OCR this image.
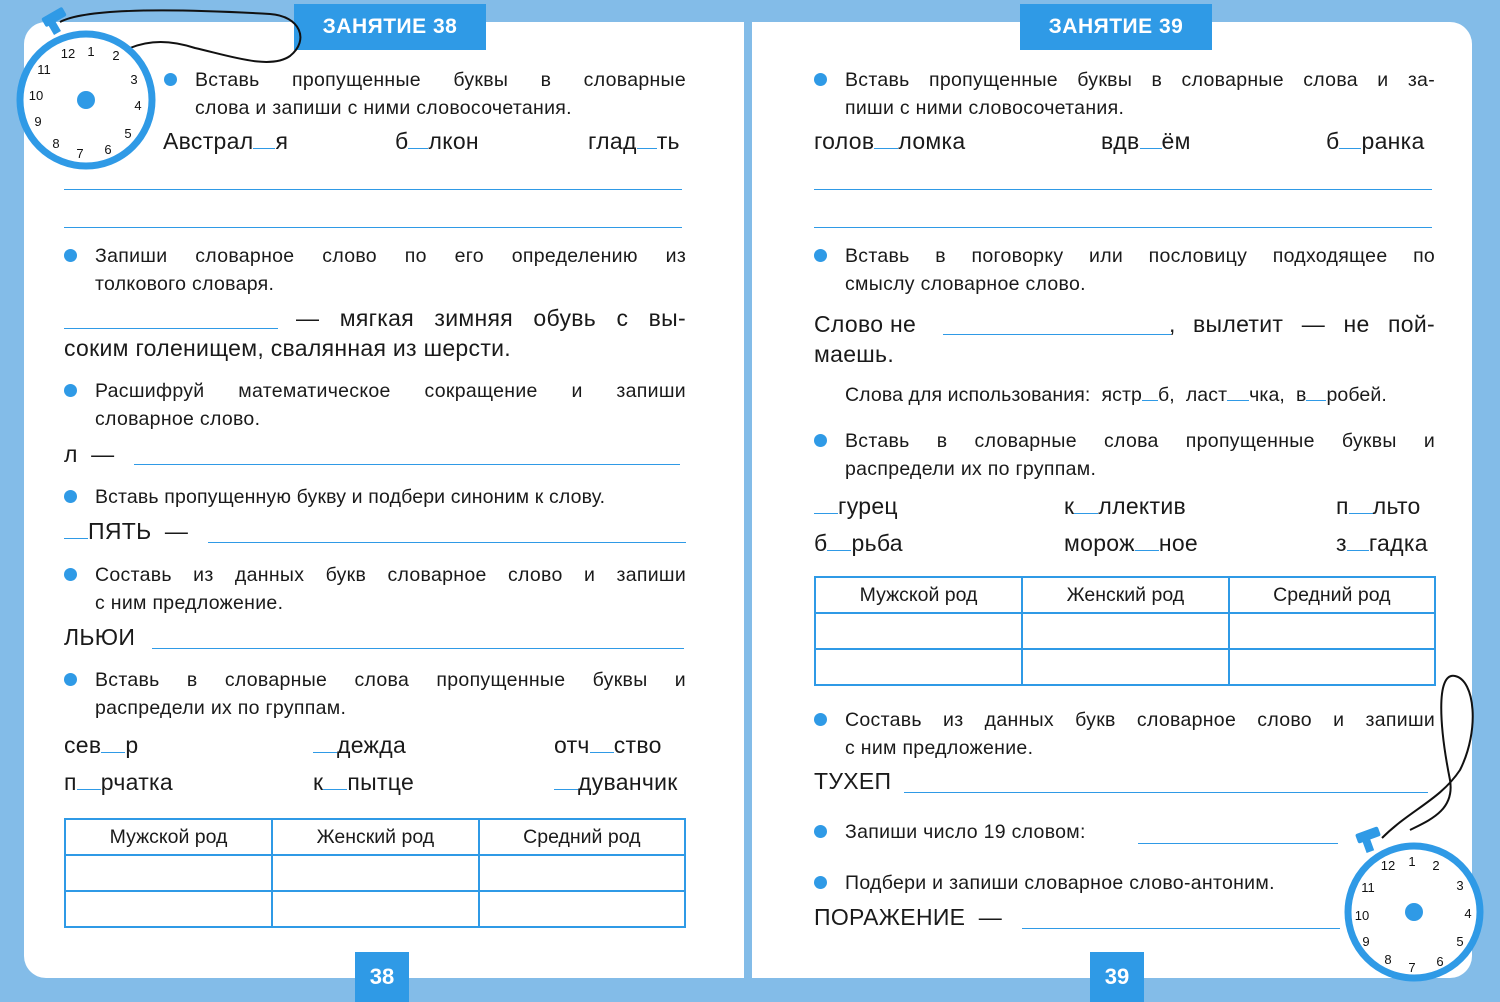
ЗАНЯТИЕ 38	ЗАНЯТИЕ 39
38	39
12 1 2
3
4
5
6
7
8
9
10
11
12 1 2
3
4
5
6
7
8
9
10
11
Вставь пропущенные буквы в словарные
слова и запиши с ними словосочетания.
Австрал я	б лкон	глад ть
Запиши словарное слово по его определению из
толкового словаря.
— мягкая зимняя обувь с вы-
соким голенищем, свалянная из шерсти.
Расшифруй математическое сокращение и запиши
словарное слово.
л —
Вставь пропущенную букву и подбери синоним к слову.
ПЯТЬ —
Составь из данных букв словарное слово и запиши
с ним предложение.
ЛЬЮИ
Вставь в словарные слова пропущенные буквы и
распредели их по группам.
сев р	дежда	отч ство
п рчатка	к пытце	дуванчик
Мужской род	Женский род	Средний род

Вставь пропущенные буквы в словарные слова и за-
пиши с ними словосочетания.
голов ломка	вдв ём	б ранка
Вставь в поговорку или пословицу подходящее по
смыслу словарное слово.
Слово не	, вылетит — не пой-
маешь.
Слова для использования: ястр б, ласт чка, в робей.
Вставь в словарные слова пропущенные буквы и
распредели их по группам.
гурец	к ллектив	п льто
б рьба	морож ное	з гадка
Мужской род	Женский род	Средний род

Составь из данных букв словарное слово и запиши
с ним предложение.
ТУХЕП
Запиши число 19 словом:
Подбери и запиши словарное слово-антоним.
ПОРАЖЕНИЕ —
